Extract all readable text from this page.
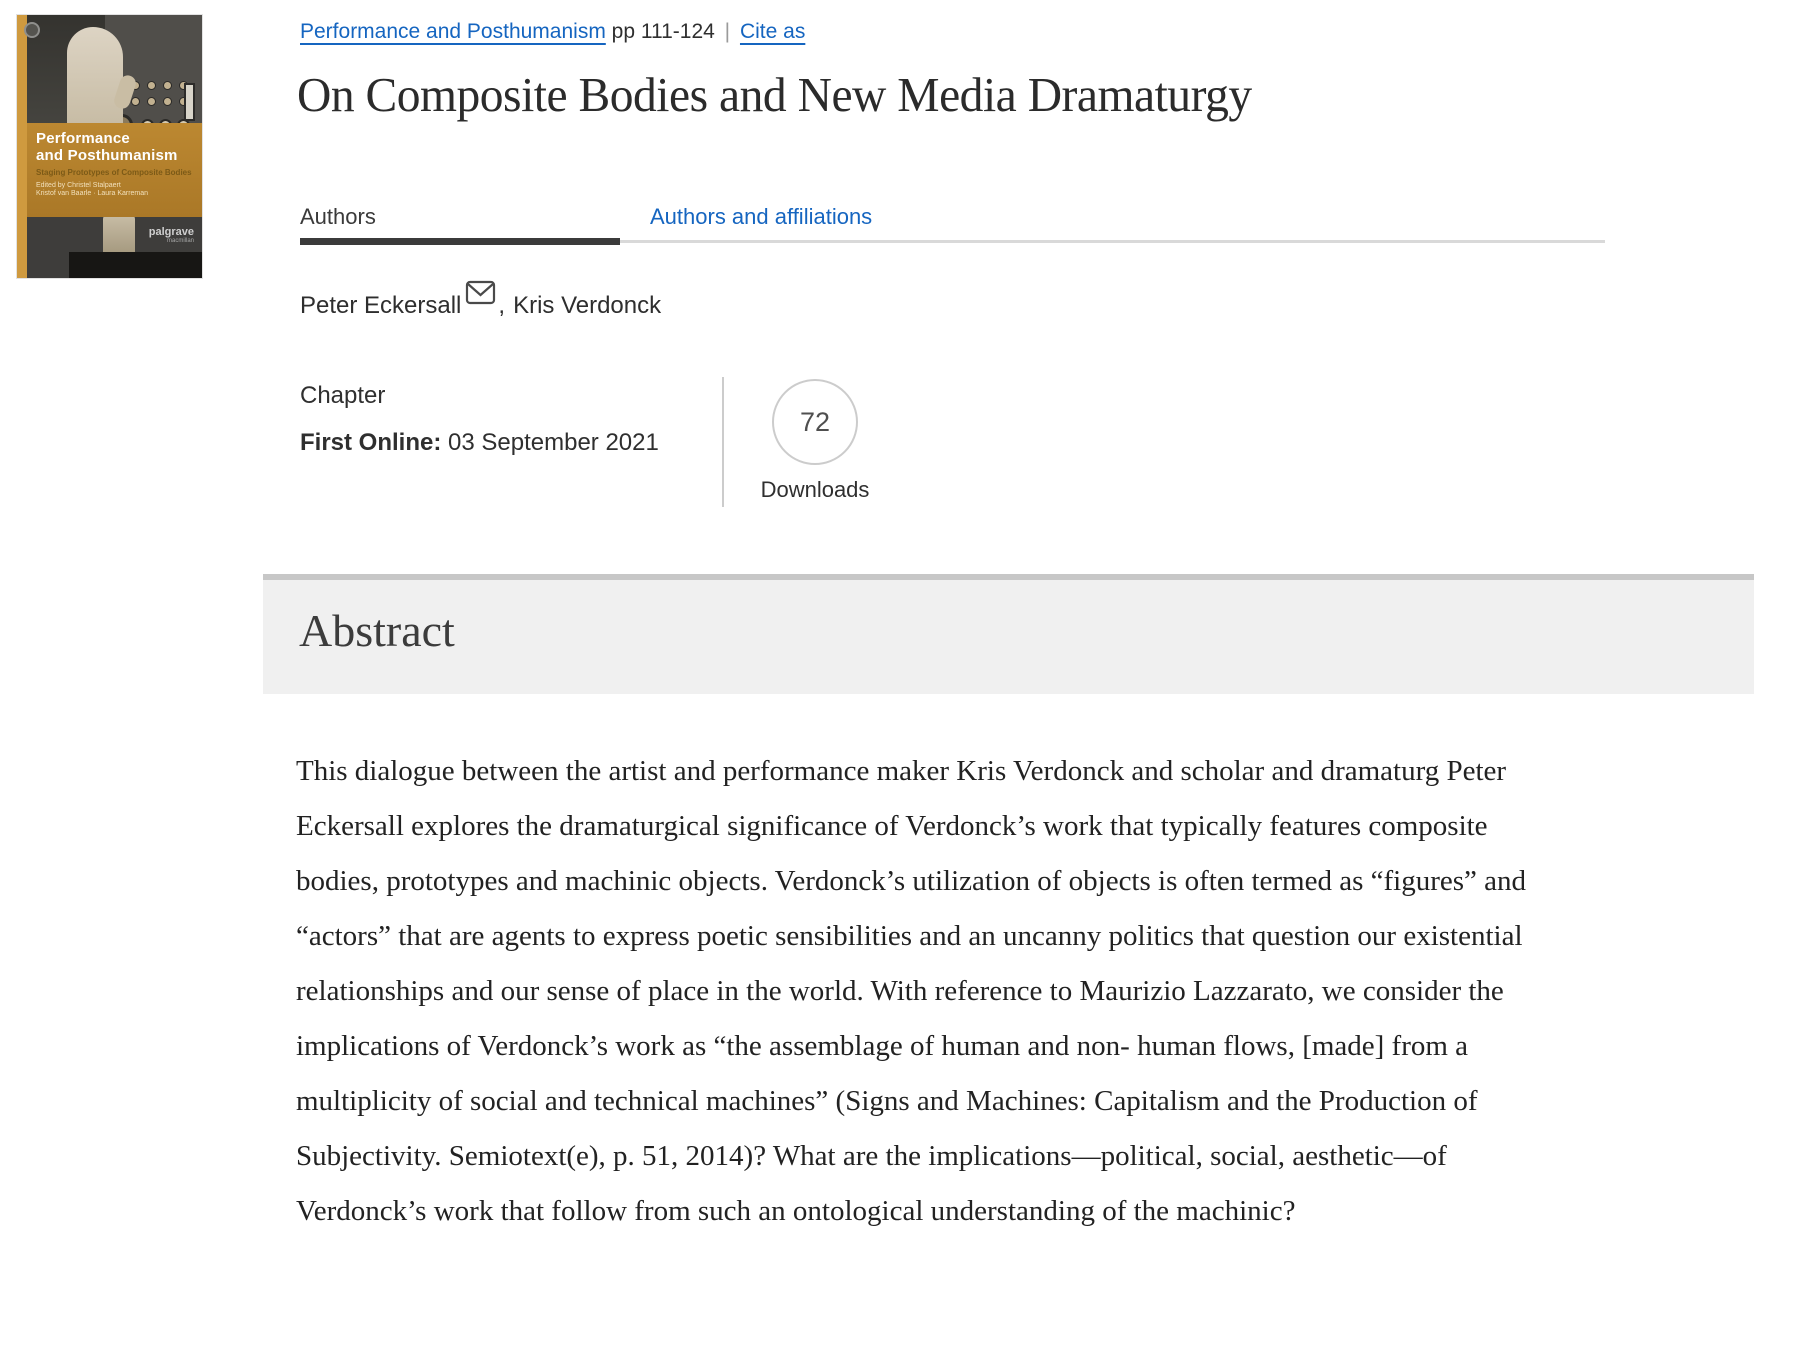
Performance
and Posthumanism
Staging Prototypes of Composite Bodies
Edited by Christel Stalpaert
Kristof van Baarle · Laura Karreman
palgrave
macmillan
Performance and Posthumanism pp 111-124 | Cite as
On Composite Bodies and New Media Dramaturgy
Authors	Authors and affiliations
Peter Eckersall , Kris Verdonck
Chapter
First Online: 03 September 2021
72
Downloads
Abstract

This dialogue between the artist and performance maker Kris Verdonck and scholar and dramaturg Peter Eckersall explores the dramaturgical significance of Verdonck’s work that typically features composite bodies, prototypes and machinic objects. Verdonck’s utilization of objects is often termed as “figures” and “actors” that are agents to express poetic sensibilities and an uncanny politics that question our existential relationships and our sense of place in the world. With reference to Maurizio Lazzarato, we consider the implications of Verdonck’s work as “the assemblage of human and non- human flows, [made] from a multiplicity of social and technical machines” (Signs and Machines: Capitalism and the Production of Subjectivity. Semiotext(e), p. 51, 2014)? What are the implications—political, social, aesthetic—of Verdonck’s work that follow from such an ontological understanding of the machinic?
